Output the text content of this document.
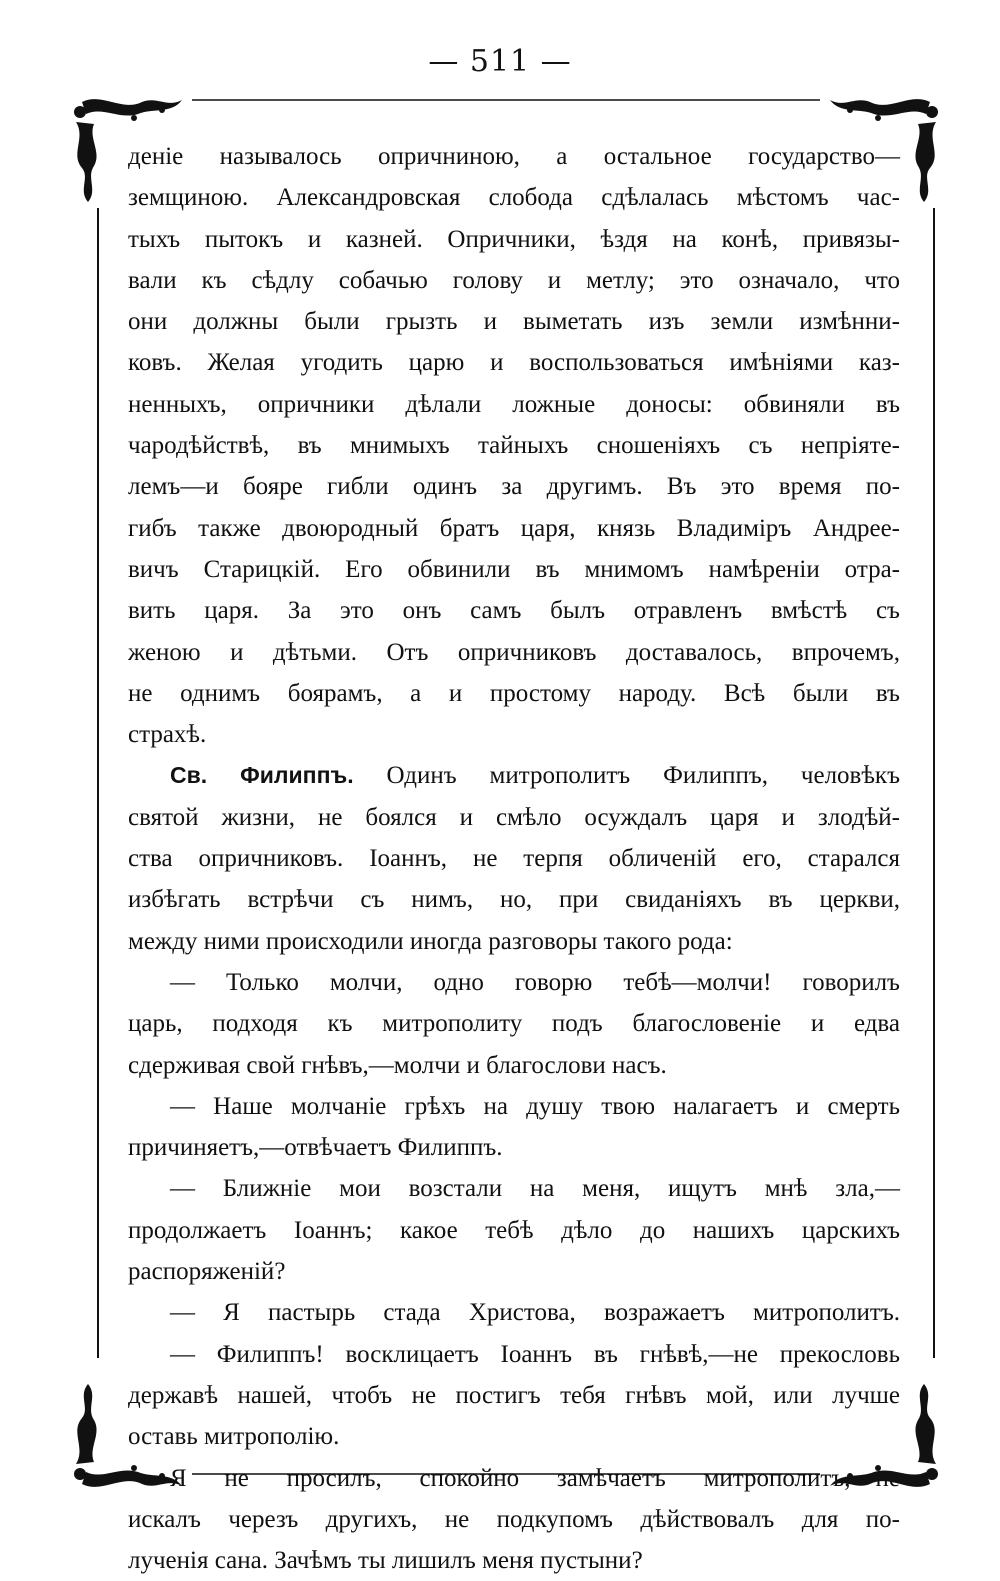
— 511 —
деніе называлось опричниною, а остальное государство—
земщиною. Александровская слобода сдѣлалась мѣстомъ час-
тыхъ пытокъ и казней. Опричники, ѣздя на конѣ, привязы-
вали къ сѣдлу собачью голову и метлу; это означало, что
они должны были грызть и выметать изъ земли измѣнни-
ковъ. Желая угодить царю и воспользоваться имѣніями каз-
ненныхъ, опричники дѣлали ложные доносы: обвиняли въ
чародѣйствѣ, въ мнимыхъ тайныхъ сношеніяхъ съ непріяте-
лемъ—и бояре гибли одинъ за другимъ. Въ это время по-
гибъ также двоюродный братъ царя, князь Владиміръ Андрее-
вичъ Старицкій. Его обвинили въ мнимомъ намѣреніи отра-
вить царя. За это онъ самъ былъ отравленъ вмѣстѣ съ
женою и дѣтьми. Отъ опричниковъ доставалось, впрочемъ,
не однимъ боярамъ, а и простому народу. Всѣ были въ
страхѣ.
Св. Филиппъ. Одинъ митрополитъ Филиппъ, человѣкъ
святой жизни, не боялся и смѣло осуждалъ царя и злодѣй-
ства опричниковъ. Іоаннъ, не терпя обличеній его, старался
избѣгать встрѣчи съ нимъ, но, при свиданіяхъ въ церкви,
между ними происходили иногда разговоры такого рода:
— Только молчи, одно говорю тебѣ—молчи! говорилъ
царь, подходя къ митрополиту подъ благословеніе и едва
сдерживая свой гнѣвъ,—молчи и благослови насъ.
— Наше молчаніе грѣхъ на душу твою налагаетъ и смерть
причиняетъ,—отвѣчаетъ Филиппъ.
— Ближніе мои возстали на меня, ищутъ мнѣ зла,—
продолжаетъ Іоаннъ; какое тебѣ дѣло до нашихъ царскихъ
распоряженій?
— Я пастырь стада Христова, возражаетъ митрополитъ.
— Филиппъ! восклицаетъ Іоаннъ въ гнѣвѣ,—не прекословь
державѣ нашей, чтобъ не постигъ тебя гнѣвъ мой, или лучше
оставь митрополію.
Я не просилъ, спокойно замѣчаетъ митрополитъ,—не
искалъ черезъ другихъ, не подкупомъ дѣйствовалъ для по-
лученія сана. Зачѣмъ ты лишилъ меня пустыни?
